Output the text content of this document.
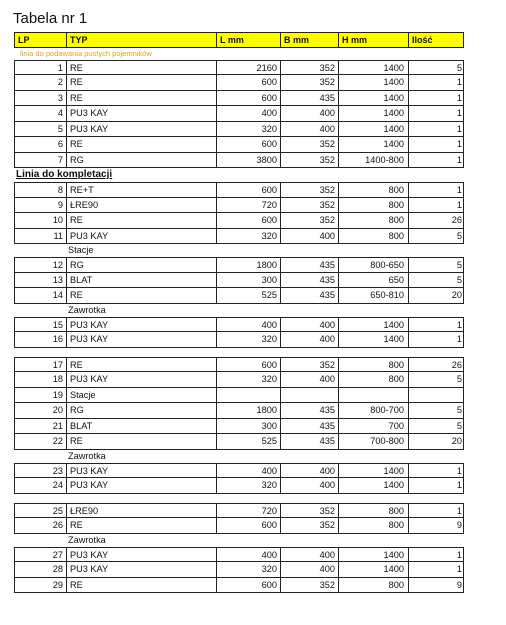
Tabela nr 1
LP	TYP	L mm	B mm	H mm	Ilość
linia do podawania pustych pojemników
1 RE	2160	352	1400	5
2 RE	600	352	1400	1
3 RE	600	435	1400	1
4 PU3 KAY	400	400	1400	1
5 PU3 KAY	320	400	1400	1
6 RE	600	352	1400	1
7 RG	3800	352	1400-800	1
Linia do kompletacji
8 RE+T	600	352	800	1
9 ŁRE90	720	352	800	1
10 RE	600	352	800	26
11 PU3 KAY	320	400	800	5
Stacje
12 RG	1800	435	800-650	5
13 BLAT	300	435	650	5
14 RE	525	435	650-810	20
Zawrotka
15 PU3 KAY	400	400	1400	1
16 PU3 KAY	320	400	1400	1
17 RE	600	352	800	26
18 PU3 KAY	320	400	800	5
19 Stacje
20 RG	1800	435	800-700	5
21 BLAT	300	435	700	5
22 RE	525	435	700-800	20
Zawrotka
23 PU3 KAY	400	400	1400	1
24 PU3 KAY	320	400	1400	1
25 ŁRE90	720	352	800	1
26 RE	600	352	800	9
Zawrotka
27 PU3 KAY	400	400	1400	1
28 PU3 KAY	320	400	1400	1
29 RE	600	352	800	9
